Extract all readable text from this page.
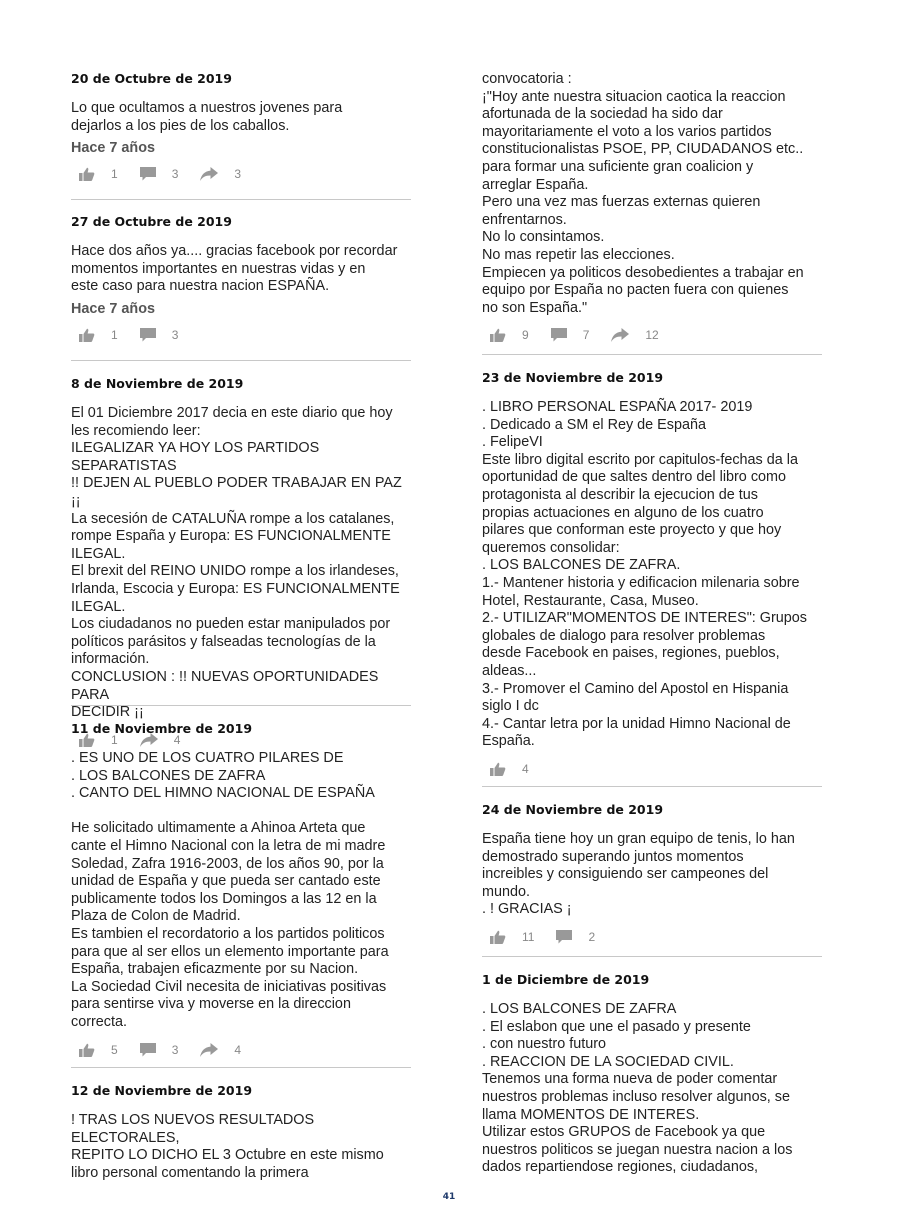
20 de Octubre de 2019
Lo que ocultamos a nuestros jovenes para
dejarlos a los pies de los caballos.
Hace 7 años
1	3	3
27 de Octubre de 2019
Hace dos años ya.... gracias facebook por recordar
momentos importantes en nuestras vidas y en
este caso para nuestra nacion ESPAÑA.
Hace 7 años
1	3
8 de Noviembre de 2019
El 01 Diciembre 2017 decia en este diario que hoy
les recomiendo leer:
ILEGALIZAR YA HOY LOS PARTIDOS SEPARATISTAS
!! DEJEN AL PUEBLO PODER TRABAJAR EN PAZ ¡¡
La secesión de CATALUÑA rompe a los catalanes,
rompe España y Europa: ES FUNCIONALMENTE
ILEGAL.
El brexit del REINO UNIDO rompe a los irlandeses,
Irlanda, Escocia y Europa: ES FUNCIONALMENTE
ILEGAL.
Los ciudadanos no pueden estar manipulados por
políticos parásitos y falseadas tecnologías de la
información.
CONCLUSION : !! NUEVAS OPORTUNIDADES PARA
DECIDIR ¡¡
1	4
11 de Noviembre de 2019
. ES UNO DE LOS CUATRO PILARES DE
. LOS BALCONES DE ZAFRA
. CANTO DEL HIMNO NACIONAL DE ESPAÑA

He solicitado ultimamente a Ahinoa Arteta que
cante el Himno Nacional con la letra de mi madre
Soledad, Zafra 1916-2003, de los años 90, por la
unidad de España y que pueda ser cantado este
publicamente todos los Domingos a las 12 en la
Plaza de Colon de Madrid.
Es tambien el recordatorio a los partidos politicos
para que al ser ellos un elemento importante para
España, trabajen eficazmente por su Nacion.
La Sociedad Civil necesita de iniciativas positivas
para sentirse viva y moverse en la direccion
correcta.
5	3	4
12 de Noviembre de 2019
! TRAS LOS NUEVOS RESULTADOS ELECTORALES,
REPITO LO DICHO EL 3 Octubre en este mismo
libro personal comentando la primera
convocatoria :
¡"Hoy ante nuestra situacion caotica la reaccion
afortunada de la sociedad ha sido dar
mayoritariamente el voto a los varios partidos
constitucionalistas PSOE, PP, CIUDADANOS etc..
para formar una suficiente gran coalicion y
arreglar España.
Pero una vez mas fuerzas externas quieren
enfrentarnos.
No lo consintamos.
No mas repetir las elecciones.
Empiecen ya politicos desobedientes a trabajar en
equipo por España no pacten fuera con quienes
no son España."
9	7	12
23 de Noviembre de 2019
. LIBRO PERSONAL ESPAÑA 2017- 2019
. Dedicado a SM el Rey de España
. FelipeVI
Este libro digital escrito por capitulos-fechas da la
oportunidad de que saltes dentro del libro como
protagonista al describir la ejecucion de tus
propias actuaciones en alguno de los cuatro
pilares que conforman este proyecto y que hoy
queremos consolidar:
. LOS BALCONES DE ZAFRA.
1.- Mantener historia y edificacion milenaria sobre
Hotel, Restaurante, Casa, Museo.
2.- UTILIZAR"MOMENTOS DE INTERES": Grupos
globales de dialogo para resolver problemas
desde Facebook en paises, regiones, pueblos,
aldeas...
3.- Promover el Camino del Apostol en Hispania
siglo I dc
4.- Cantar letra por la unidad Himno Nacional de
España.
4
24 de Noviembre de 2019
España tiene hoy un gran equipo de tenis, lo han
demostrado superando juntos momentos
increibles y consiguiendo ser campeones del
mundo.
. ! GRACIAS ¡
11	2
1 de Diciembre de 2019
. LOS BALCONES DE ZAFRA
. El eslabon que une el pasado y presente
. con nuestro futuro
. REACCION DE LA SOCIEDAD CIVIL.
Tenemos una forma nueva de poder comentar
nuestros problemas incluso resolver algunos, se
llama MOMENTOS DE INTERES.
Utilizar estos GRUPOS de Facebook ya que
nuestros politicos se juegan nuestra nacion a los
dados repartiendose regiones, ciudadanos,
41
